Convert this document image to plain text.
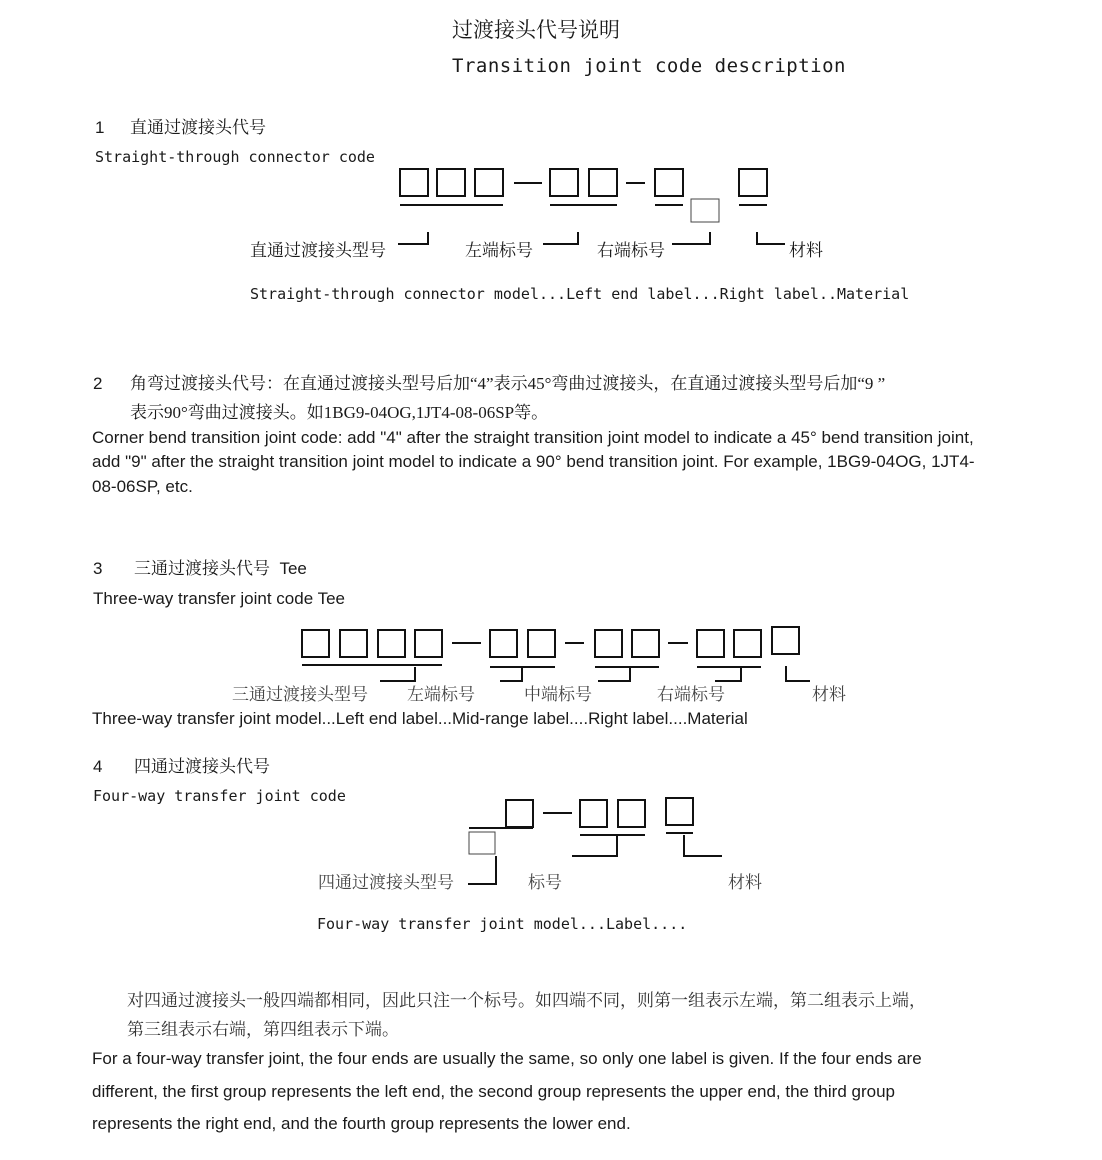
过渡接头代号说明
Transition joint code description
1 直通过渡接头代号
Straight-through connector code
直通过渡接头型号	左端标号	右端标号	材料
Straight-through connector model...Left end label...Right label..Material
2 角弯过渡接头代号：在直通过渡接头型号后加“4”表示45°弯曲过渡接头，在直通过渡接头型号后加“9 ”
表示90°弯曲过渡接头。如1BG9-04OG,1JT4-08-06SP等。
Corner bend transition joint code: add "4" after the straight transition joint model to indicate a 45° bend transition joint,
add "9" after the straight transition joint model to indicate a 90° bend transition joint. For example, 1BG9-04OG, 1JT4-
08-06SP, etc.
3 三通过渡接头代号 Tee
Three-way transfer joint code Tee
三通过渡接头型号 左端标号	中端标号	右端标号	材料
Three-way transfer joint model...Left end label...Mid-range label....Right label....Material
4 四通过渡接头代号
Four-way transfer joint code
四通过渡接头型号	标号	材料
Four-way transfer joint model...Label....
对四通过渡接头一般四端都相同，因此只注一个标号。如四端不同，则第一组表示左端，第二组表示上端，
第三组表示右端，第四组表示下端。
For a four-way transfer joint, the four ends are usually the same, so only one label is given. If the four ends are
different, the first group represents the left end, the second group represents the upper end, the third group
represents the right end, and the fourth group represents the lower end.
